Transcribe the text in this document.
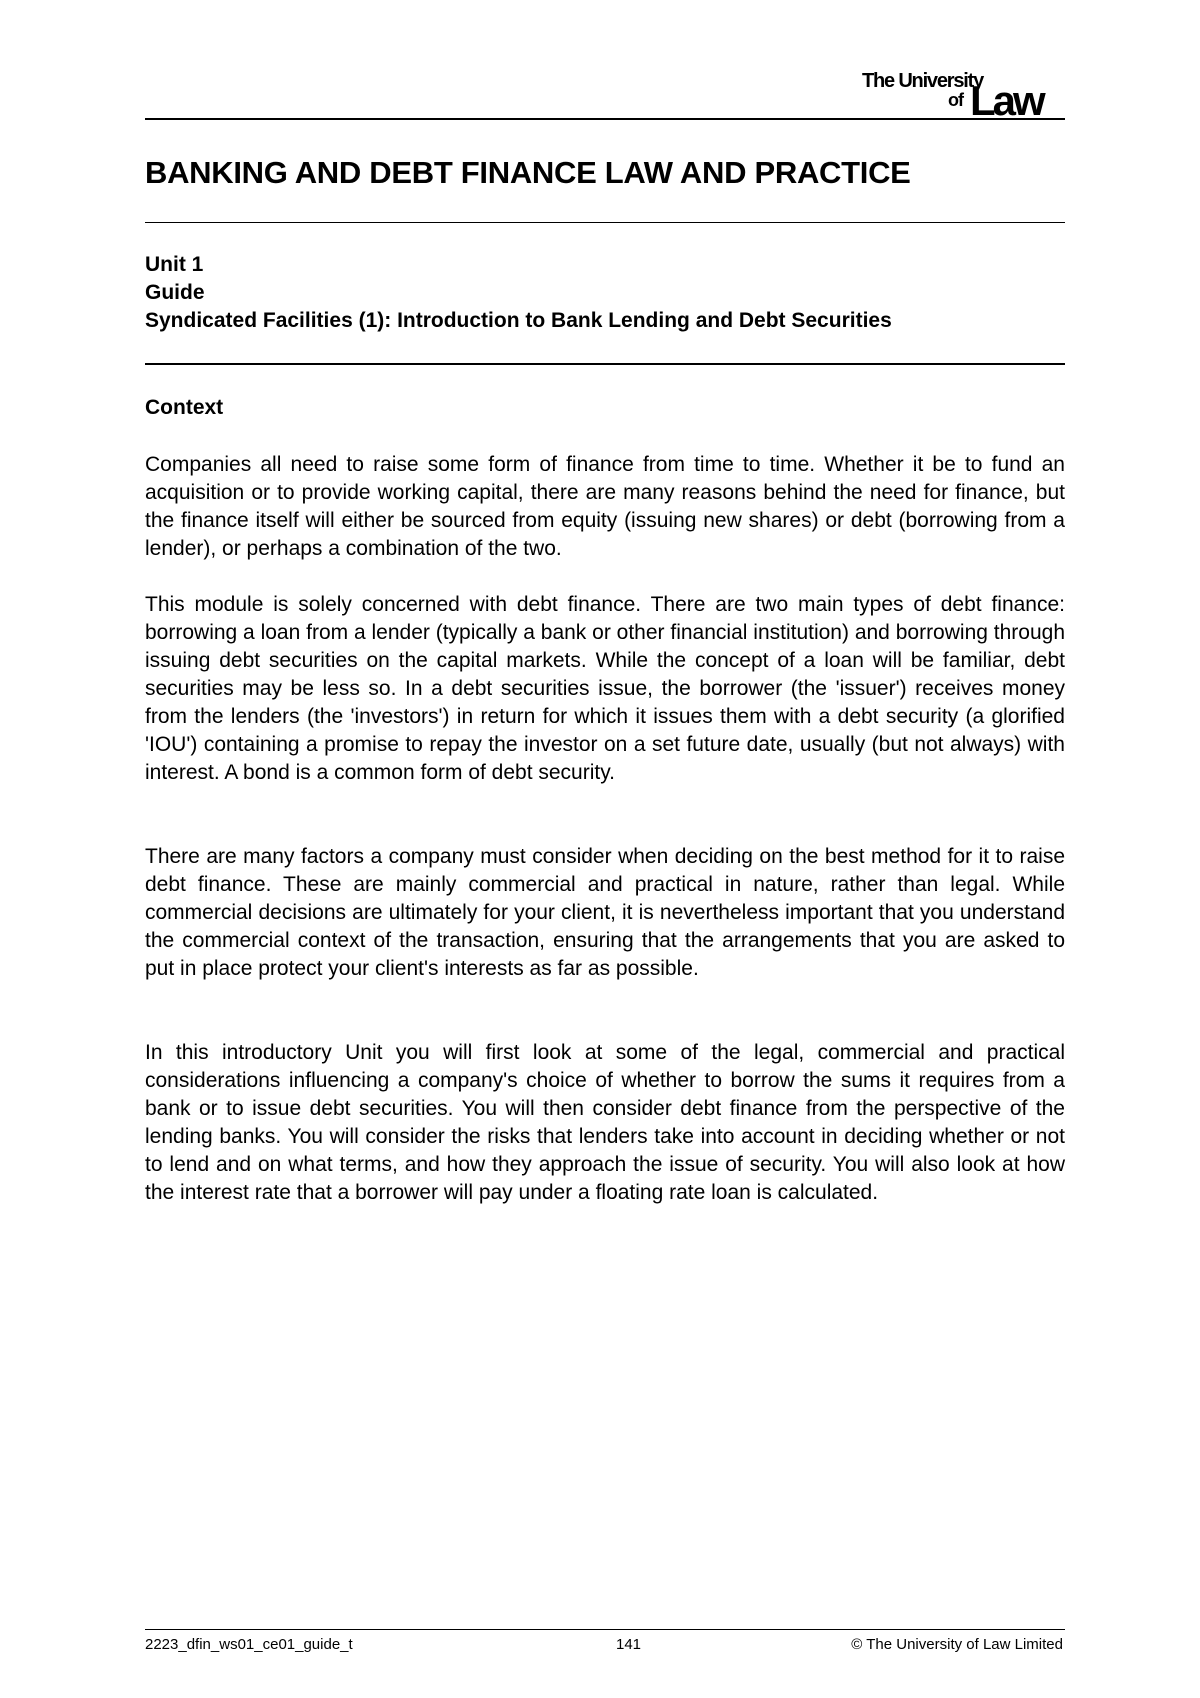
The University
of Law
BANKING AND DEBT FINANCE LAW AND PRACTICE
Unit 1
Guide
Syndicated Facilities (1): Introduction to Bank Lending and Debt Securities
Context

Companies all need to raise some form of finance from time to time. Whether it be to fund an acquisition or to provide working capital, there are many reasons behind the need for finance, but the finance itself will either be sourced from equity (issuing new shares) or debt (borrowing from a lender), or perhaps a combination of the two.

This module is solely concerned with debt finance. There are two main types of debt finance: borrowing a loan from a lender (typically a bank or other financial institution) and borrowing through issuing debt securities on the capital markets. While the concept of a loan will be familiar, debt securities may be less so. In a debt securities issue, the borrower (the 'issuer') receives money from the lenders (the 'investors') in return for which it issues them with a debt security (a glorified 'IOU') containing a promise to repay the investor on a set future date, usually (but not always) with interest. A bond is a common form of debt security.

There are many factors a company must consider when deciding on the best method for it to raise debt finance. These are mainly commercial and practical in nature, rather than legal. While commercial decisions are ultimately for your client, it is nevertheless important that you understand the commercial context of the transaction, ensuring that the arrangements that you are asked to put in place protect your client's interests as far as possible.

In this introductory Unit you will first look at some of the legal, commercial and practical considerations influencing a company's choice of whether to borrow the sums it requires from a bank or to issue debt securities. You will then consider debt finance from the perspective of the lending banks. You will consider the risks that lenders take into account in deciding whether or not to lend and on what terms, and how they approach the issue of security. You will also look at how the interest rate that a borrower will pay under a floating rate loan is calculated.

2223_dfin_ws01_ce01_guide_t	141	© The University of Law Limited
